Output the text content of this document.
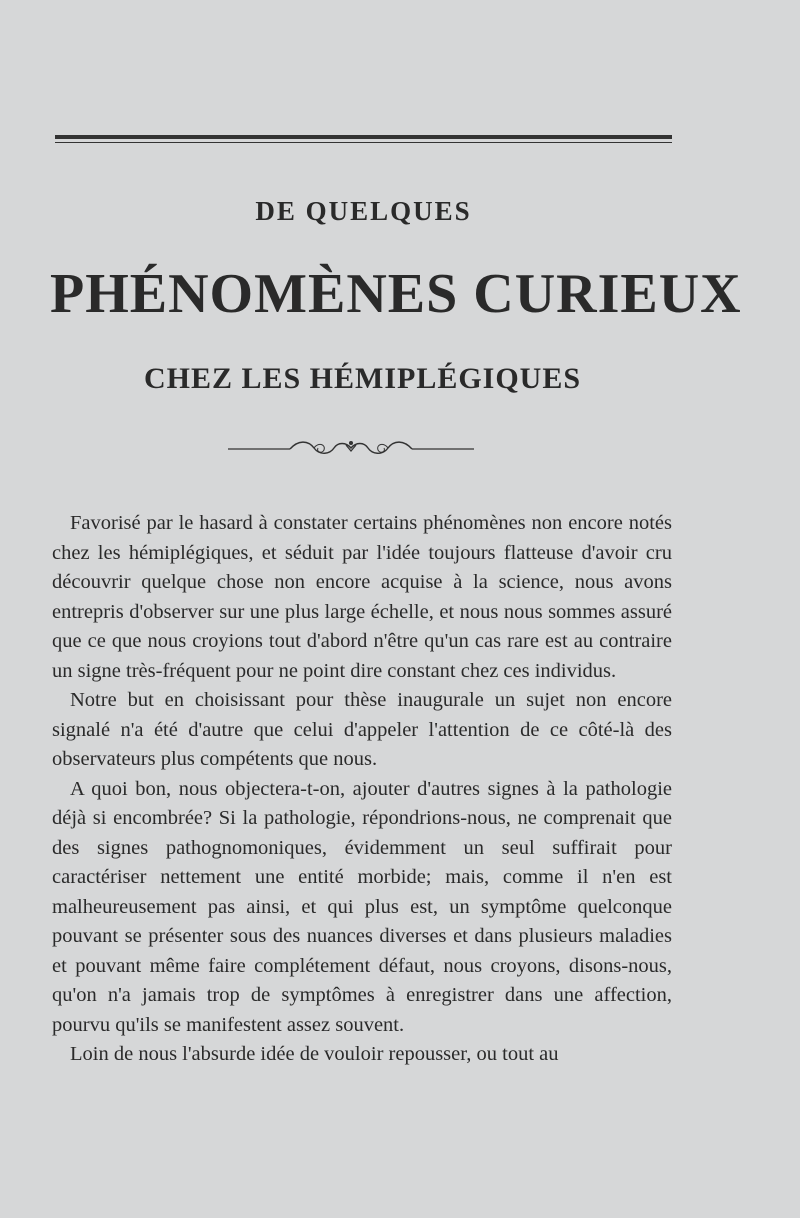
DE QUELQUES
PHÉNOMÈNES CURIEUX
CHEZ LES HÉMIPLÉGIQUES

Favorisé par le hasard à constater certains phénomènes non encore notés chez les hémiplégiques, et séduit par l'idée toujours flatteuse d'avoir cru découvrir quelque chose non encore acquise à la science, nous avons entrepris d'observer sur une plus large échelle, et nous nous sommes assuré que ce que nous croyions tout d'abord n'être qu'un cas rare est au contraire un signe très-fréquent pour ne point dire constant chez ces individus.

Notre but en choisissant pour thèse inaugurale un sujet non encore signalé n'a été d'autre que celui d'appeler l'attention de ce côté-là des observateurs plus compétents que nous.

A quoi bon, nous objectera-t-on, ajouter d'autres signes à la pathologie déjà si encombrée? Si la pathologie, répondrions-nous, ne comprenait que des signes pathognomoniques, évidemment un seul suffirait pour caractériser nettement une entité morbide; mais, comme il n'en est malheureusement pas ainsi, et qui plus est, un symptôme quelconque pouvant se présenter sous des nuances diverses et dans plusieurs maladies et pouvant même faire complétement défaut, nous croyons, disons-nous, qu'on n'a jamais trop de symptômes à enregistrer dans une affection, pourvu qu'ils se manifestent assez souvent.

Loin de nous l'absurde idée de vouloir repousser, ou tout au
